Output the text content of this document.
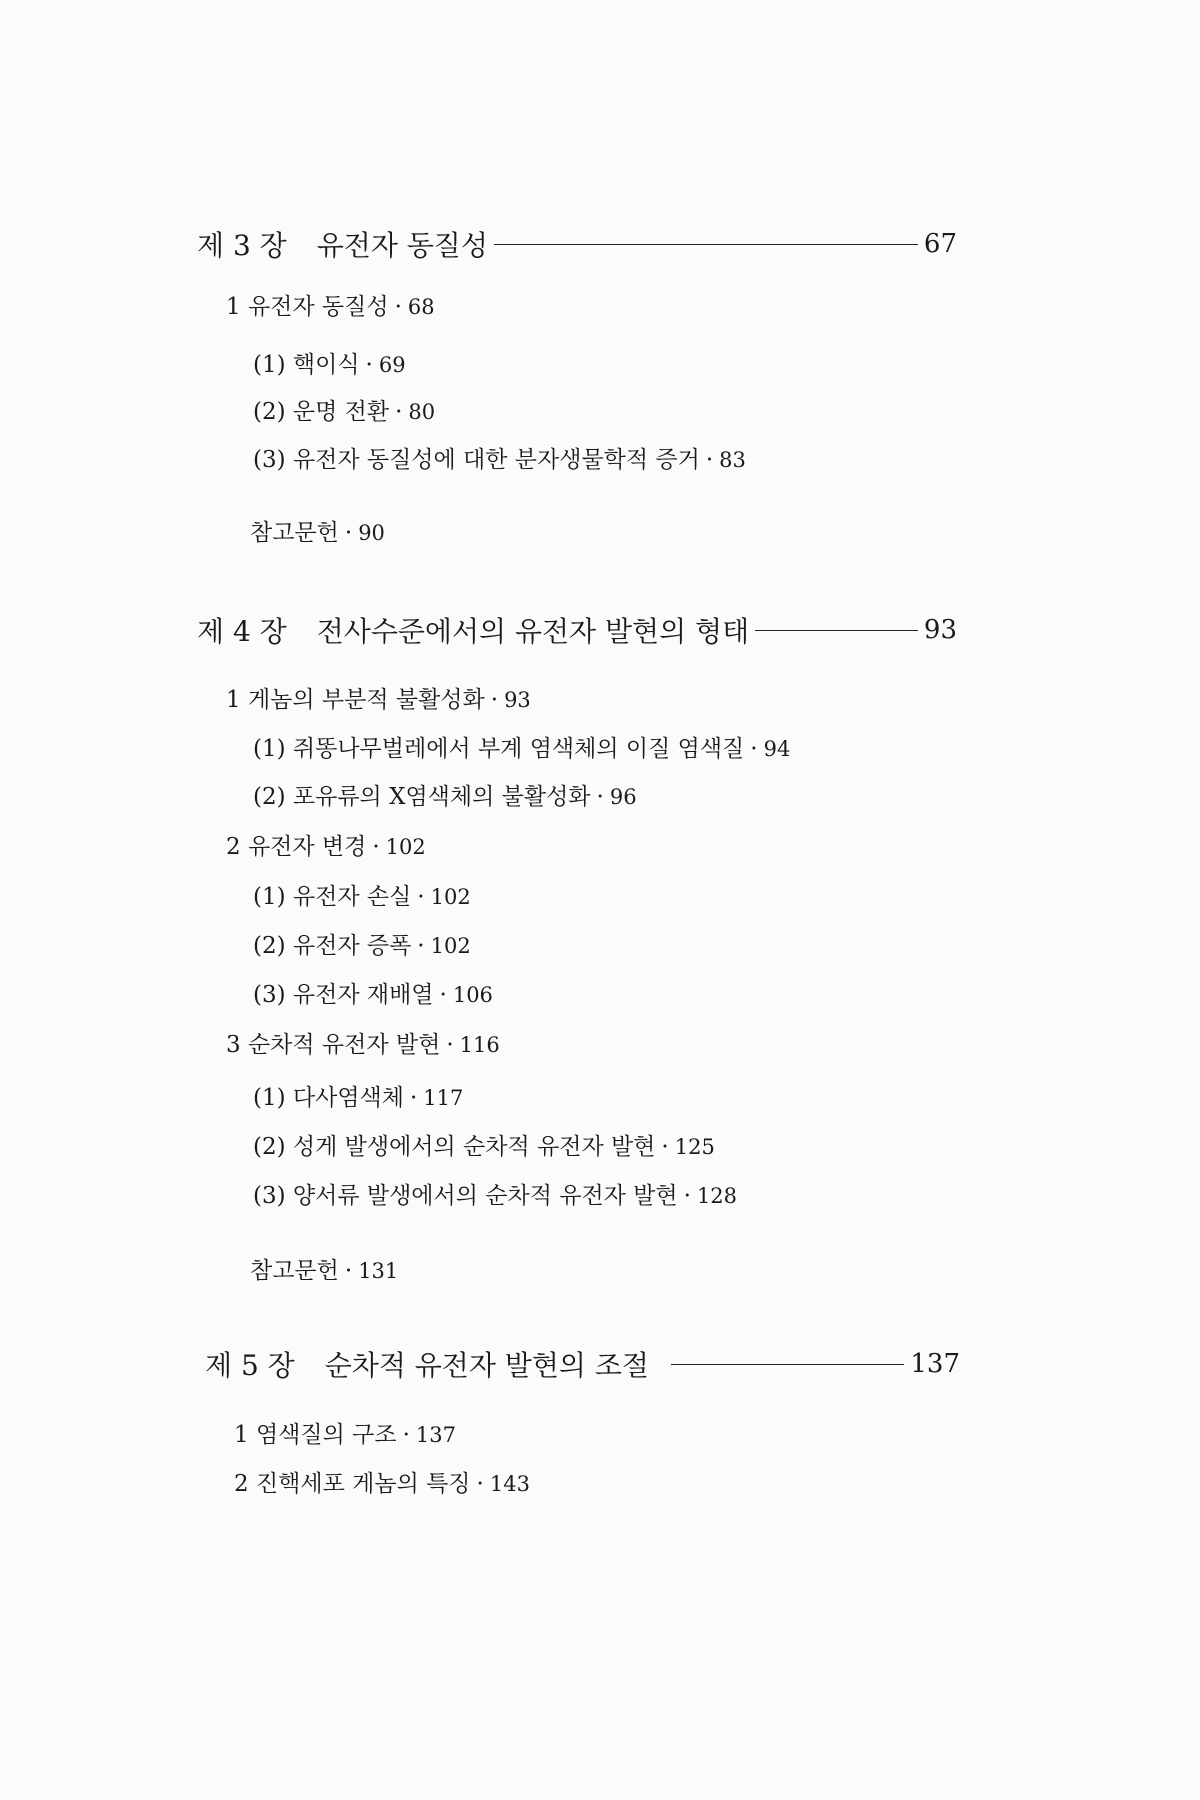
제 3 장 유전자 동질성	67
1 유전자 동질성 · 68
(1) 핵이식 · 69
(2) 운명 전환 · 80
(3) 유전자 동질성에 대한 분자생물학적 증거 · 83
참고문헌 · 90
제 4 장 전사수준에서의 유전자 발현의 형태	93
1 게놈의 부분적 불활성화 · 93
(1) 쥐똥나무벌레에서 부계 염색체의 이질 염색질 · 94
(2) 포유류의 X염색체의 불활성화 · 96
2 유전자 변경 · 102
(1) 유전자 손실 · 102
(2) 유전자 증폭 · 102
(3) 유전자 재배열 · 106
3 순차적 유전자 발현 · 116
(1) 다사염색체 · 117
(2) 성게 발생에서의 순차적 유전자 발현 · 125
(3) 양서류 발생에서의 순차적 유전자 발현 · 128
참고문헌 · 131
제 5 장 순차적 유전자 발현의 조절	137
1 염색질의 구조 · 137
2 진핵세포 게놈의 특징 · 143
